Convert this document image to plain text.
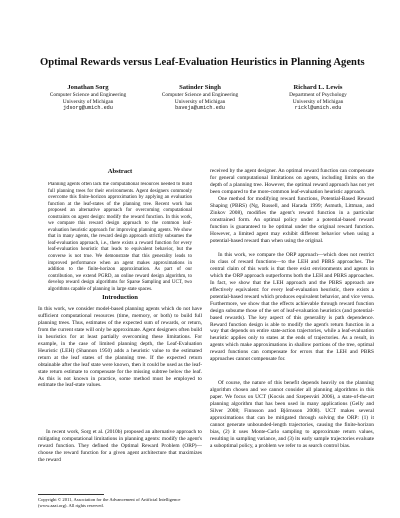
Optimal Rewards versus Leaf-Evaluation Heuristics in Planning Agents
Jonathan Sorg
Computer Science and Engineering
University of Michigan
jdsorg@umich.edu
Satinder Singh
Computer Science and Engineering
University of Michigan
baveja@umich.edu
Richard L. Lewis
Department of Psychology
University of Michigan
rickl@umich.edu
Abstract

Planning agents often lack the computational resources needed to build full planning trees for their environments. Agent designers commonly overcome this finite-horizon approximation by applying an evaluation function at the leaf-states of the planning tree. Recent work has proposed an alternative approach for overcoming computational constraints on agent design: modify the reward function. In this work, we compare this reward design approach to the common leaf-evaluation heuristic approach for improving planning agents. We show that in many agents, the reward design approach strictly subsumes the leaf-evaluation approach, i.e., there exists a reward function for every leaf-evaluation heuristic that leads to equivalent behavior, but the converse is not true. We demonstrate that this generality leads to improved performance when an agent makes approximations in addition to the finite-horizon approximation. As part of our contribution, we extend PGRD, an online reward design algorithm, to develop reward design algorithms for Sparse Sampling and UCT, two algorithms capable of planning in large state spaces.

Introduction

In this work, we consider model-based planning agents which do not have sufficient computational resources (time, memory, or both) to build full planning trees. Thus, estimates of the expected sum of rewards, or return, from the current state will only be approximate. Agent designers often build in heuristics for at least partially overcoming these limitations. For example, in the case of limited planning depth, the Leaf-Evaluation Heuristic (LEH) (Shannon 1950) adds a heuristic value to the estimated return at the leaf states of the planning tree. If the expected return obtainable after the leaf state were known, then it could be used as the leaf-state return estimate to compensate for the missing subtree below the leaf. As this is not known in practice, some method must be employed to estimate the leaf-state values.

In recent work, Sorg et al. (2010b) proposed an alternative approach to mitigating computational limitations in planning agents: modify the agent's reward function. They defined the Optimal Reward Problem (ORP)—choose the reward function for a given agent architecture that maximizes the reward

Copyright © 2011, Association for the Advancement of Artificial Intelligence (www.aaai.org). All rights reserved.

received by the agent designer. An optimal reward function can compensate for general computational limitations on agents, including limits on the depth of a planning tree. However, the optimal reward approach has not yet been compared to the more-common leaf-evaluation heuristic approach.

One method for modifying reward functions, Potential-Based Reward Shaping (PBRS) (Ng, Russell, and Harada 1999; Asmuth, Littman, and Zinkov 2008), modifies the agent's reward function in a particular constrained form. An optimal policy under a potential-based reward function is guaranteed to be optimal under the original reward function. However, a limited agent may exhibit different behavior when using a potential-based reward than when using the original.

In this work, we compare the ORP approach—which does not restrict its class of reward functions—to the LEH and PBRS approaches. The central claim of this work is that there exist environments and agents in which the ORP approach outperforms both the LEH and PBRS approaches. In fact, we show that the LEH approach and the PBRS approach are effectively equivalent: for every leaf-evaluation heuristic, there exists a potential-based reward which produces equivalent behavior, and vice versa. Furthermore, we show that the effects achievable through reward function design subsume those of the set of leaf-evaluation heuristics (and potential-based rewards). The key aspect of this generality is path dependence. Reward function design is able to modify the agent's return function in a way that depends on entire state-action trajectories, while a leaf-evaluation heuristic applies only to states at the ends of trajectories. As a result, in agents which make approximations in shallow portions of the tree, optimal reward functions can compensate for errors that the LEH and PBRS approaches cannot compensate for.

Of course, the nature of this benefit depends heavily on the planning algorithm chosen and we cannot consider all planning algorithms in this paper. We focus on UCT (Kocsis and Szepesvári 2006), a state-of-the-art planning algorithm that has been used in many applications (Gelly and Silver 2008; Finnsson and Björnsson 2008). UCT makes several approximations that can be mitigated through solving the ORP: (1) it cannot generate unbounded-length trajectories, causing the finite-horizon bias, (2) it uses Monte-Carlo sampling to approximate return values, resulting in sampling variance, and (3) its early sample trajectories evaluate a suboptimal policy, a problem we refer to as search control bias.
